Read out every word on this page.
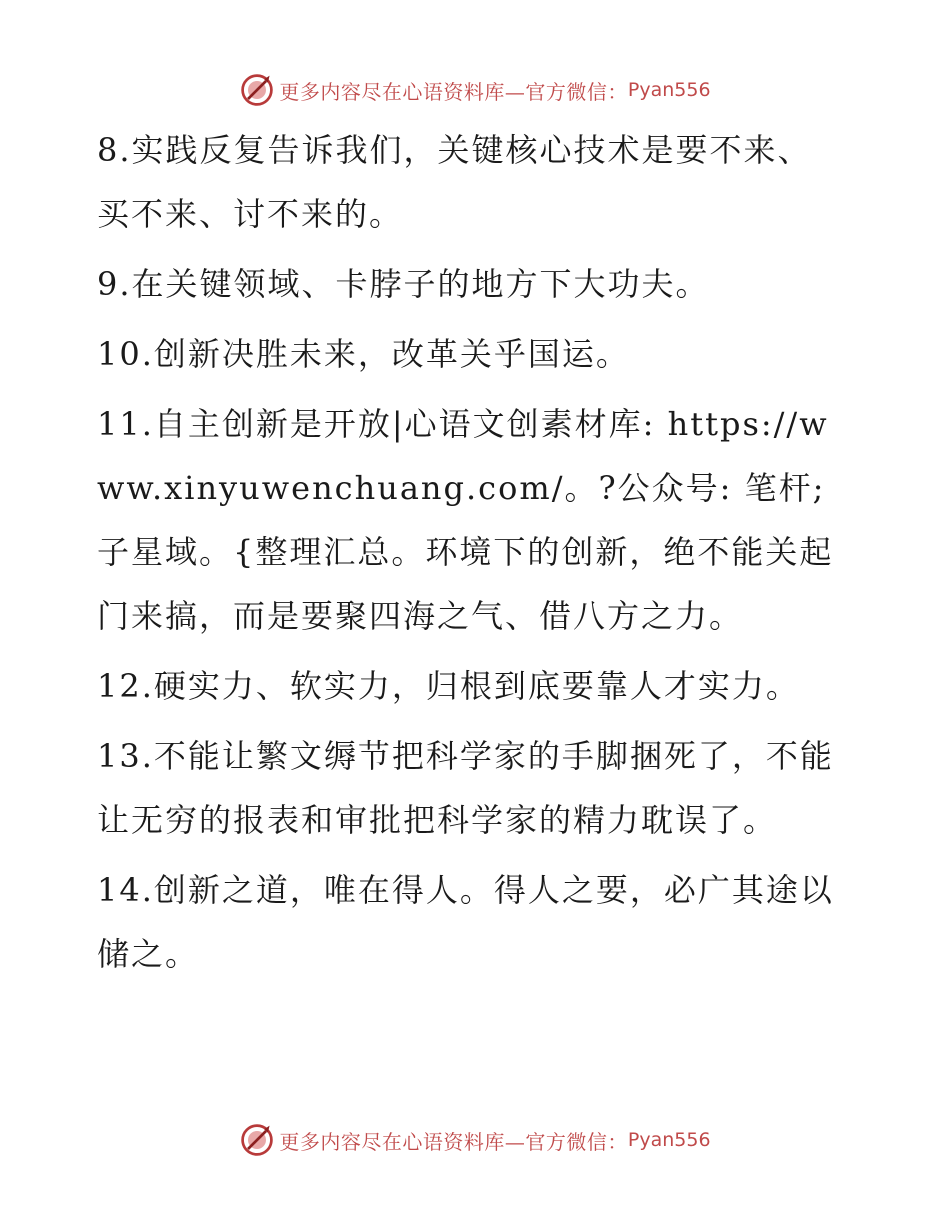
更多内容尽在心语资料库—官方微信： Pyan556

8.实践反复告诉我们，关键核心技术是要不来、买不来、讨不来的。

9.在关键领域、卡脖子的地方下大功夫。

10.创新决胜未来，改革关乎国运。

11.自主创新是开放|心语文创素材库: https://www.xinyuwenchuang.com/。?公众号: 笔杆;子星域。{整理汇总。环境下的创新，绝不能关起门来搞，而是要聚四海之气、借八方之力。

12.硬实力、软实力，归根到底要靠人才实力。

13.不能让繁文缛节把科学家的手脚捆死了，不能让无穷的报表和审批把科学家的精力耽误了。

14.创新之道，唯在得人。得人之要，必广其途以储之。

更多内容尽在心语资料库—官方微信： Pyan556
